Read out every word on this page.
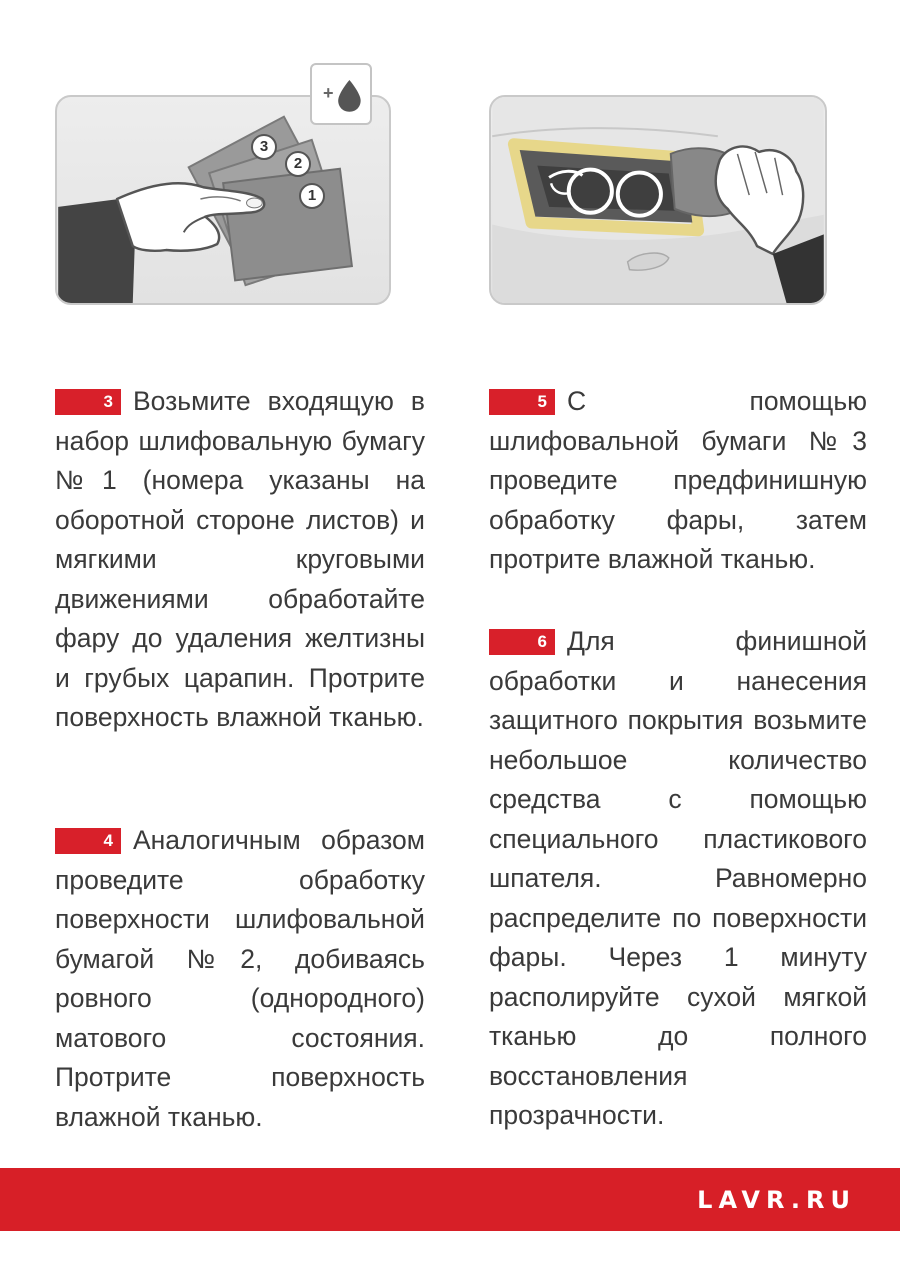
3
2
1
+
3 Возьмите входящую в набор шлифовальную бумагу №1 (номера указаны на оборотной стороне листов) и мягкими круговыми движениями обработайте фару до удаления желтизны и грубых царапин. Протрите поверхность влажной тканью.
4 Аналогичным образом проведите обработку поверхности шлифовальной бумагой №2, добиваясь ровного (однородного) матового состояния. Протрите поверхность влажной тканью.
5 С помощью шлифовальной бумаги №3 проведите предфинишную обработку фары, затем протрите влажной тканью.
6 Для финишной обработки и нанесения защитного покрытия возьмите небольшое количество средства с помощью специального пластикового шпателя. Равномерно распределите по поверхности фары. Через 1 минуту располируйте сухой мягкой тканью до полного восстановления прозрачности.
LAVR.RU
